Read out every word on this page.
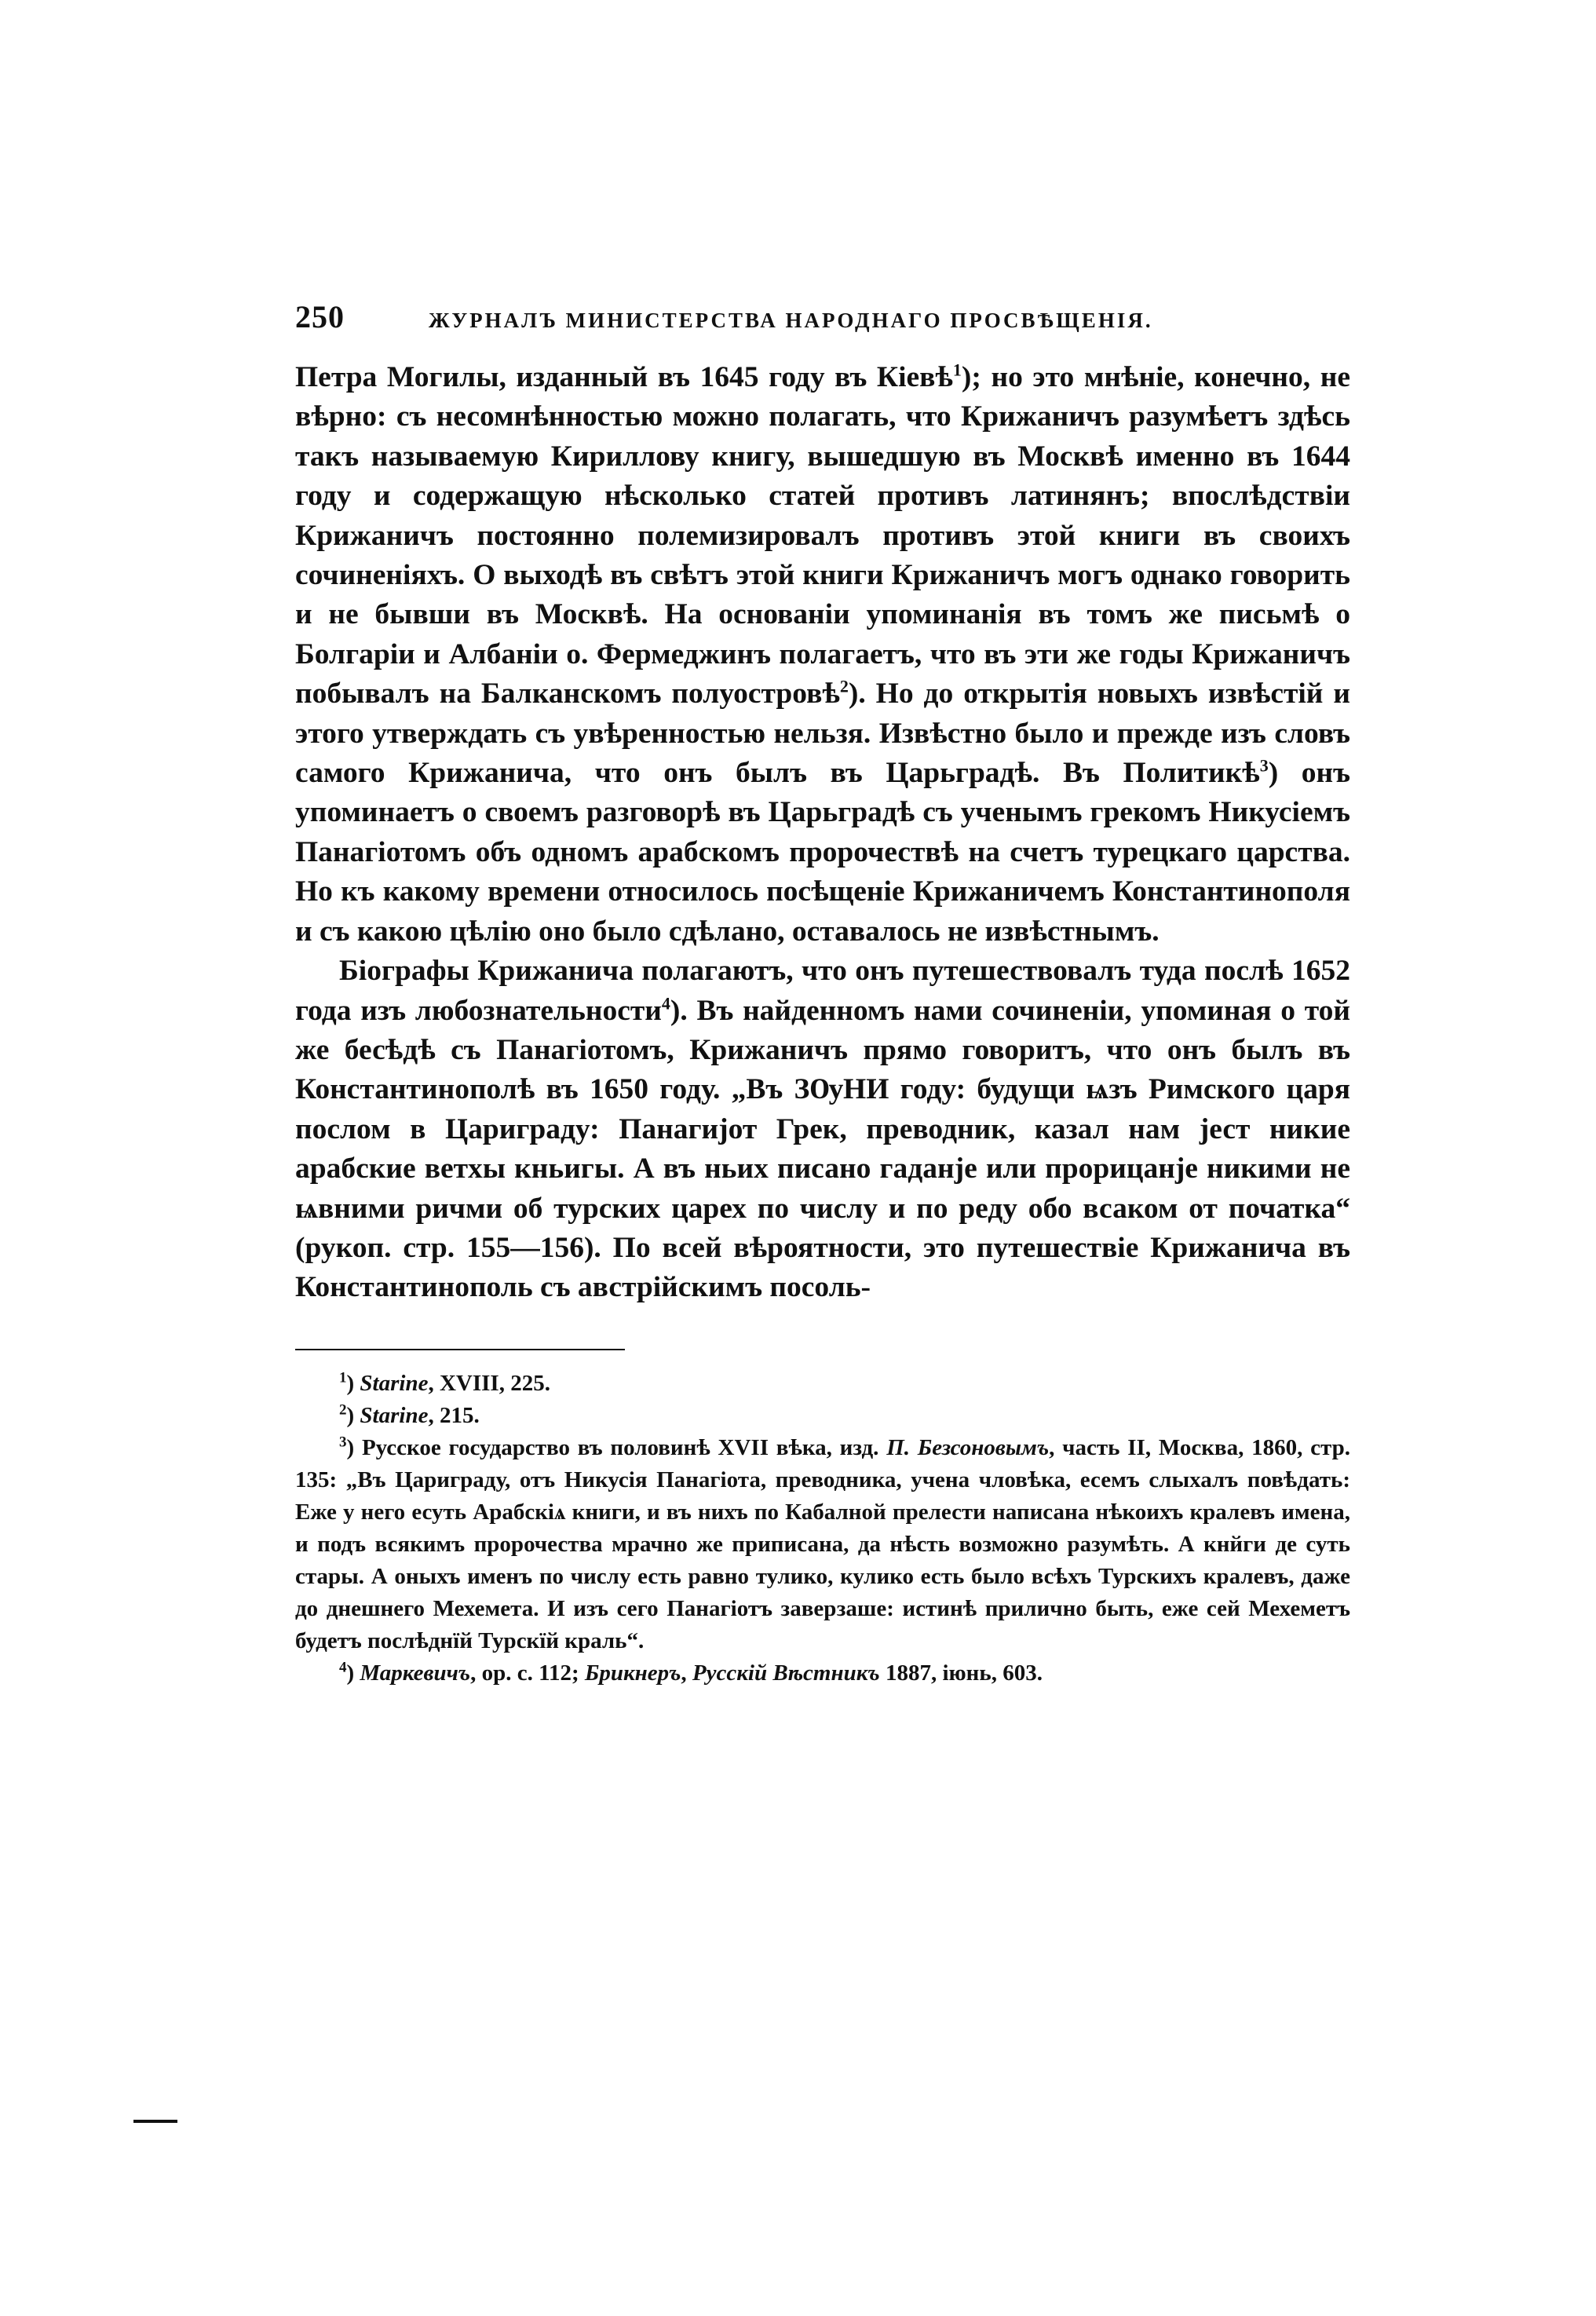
250	ЖУРНАЛЪ МИНИСТЕРСТВА НАРОДНАГО ПРОСВѢЩЕНІЯ.

Петра Могилы, изданный въ 1645 году въ Кіевѣ$^1$); но это мнѣніе, конечно, не вѣрно: съ несомнѣнностью можно полагать, что Крижаничъ разумѣетъ здѣсь такъ называемую Кириллову книгу, вышедшую въ Москвѣ именно въ 1644 году и содержащую нѣсколько статей противъ латинянъ; впослѣдствіи Крижаничъ постоянно полемизировалъ противъ этой книги въ своихъ сочиненіяхъ. О выходѣ въ свѣтъ этой книги Крижаничъ могъ однако говорить и не бывши въ Москвѣ. На основаніи упоминанія въ томъ же письмѣ о Болгаріи и Албаніи о. Фермеджинъ полагаетъ, что въ эти же годы Крижаничъ побывалъ на Балканскомъ полуостровѣ$^2$). Но до открытія новыхъ извѣстій и этого утверждать съ увѣренностью нельзя. Извѣстно было и прежде изъ словъ самого Крижанича, что онъ былъ въ Царьградѣ. Въ Политикѣ$^3$) онъ упоминаетъ о своемъ разговорѣ въ Царьградѣ съ ученымъ грекомъ Никусіемъ Панагіотомъ объ одномъ арабскомъ пророчествѣ на счетъ турецкаго царства. Но къ какому времени относилось посѣщеніе Крижаничемъ Константинополя и съ какою цѣлію оно было сдѣлано, оставалось не извѣстнымъ.

Біографы Крижанича полагаютъ, что онъ путешествовалъ туда послѣ 1652 года изъ любознательности$^4$). Въ найденномъ нами сочиненіи, упоминая о той же бесѣдѣ съ Панагіотомъ, Крижаничъ прямо говоритъ, что онъ былъ въ Константинополѣ въ 1650 году. „Въ ЗѸНИ году: будущи ѩзъ Римского царя послом в Цариграду: Панагиjот Грек, преводник, казал нам jест никие арабские ветхы кньигы. А въ ньих писано гаданjе или прорицанjе никими не ѩвними ричми об турских царех по числу и по реду обо всаком от початка“ (рукоп. стр. 155—156). По всей вѣроятности, это путешествіе Крижанича въ Константинополь съ австрійскимъ посоль-

$^1$) Starine, XVIII, 225.

$^2$) Starine, 215.

$^3$) Русское государство въ половинѣ XVII вѣка, изд. П. Безсоновымъ, часть II, Москва, 1860, стр. 135: „Въ Цариграду, отъ Никусія Панагіота, преводника, учена чловѣка, есемъ слыхалъ повѣдать: Еже у него есуть Арабскіѧ книги, и въ нихъ по Кабалной прелести написана нѣкоихъ кралевъ имена, и подъ всякимъ пророчества мрачно же приписана, да нѣсть возможно разумѣть. А кнйги де суть стары. А оныхъ именъ по числу есть равно тулико, кулико есть было всѣхъ Турскихъ кралевъ, даже до днешнего Мехемета. И изъ сего Панагіотъ заверзаше: истинѣ прилично быть, еже сей Мехеметъ будетъ послѣднїй Турскїй краль“.

$^4$) Маркевичъ, ор. с. 112; Брикнеръ, Русскій Вѣстникъ 1887, іюнь, 603.
